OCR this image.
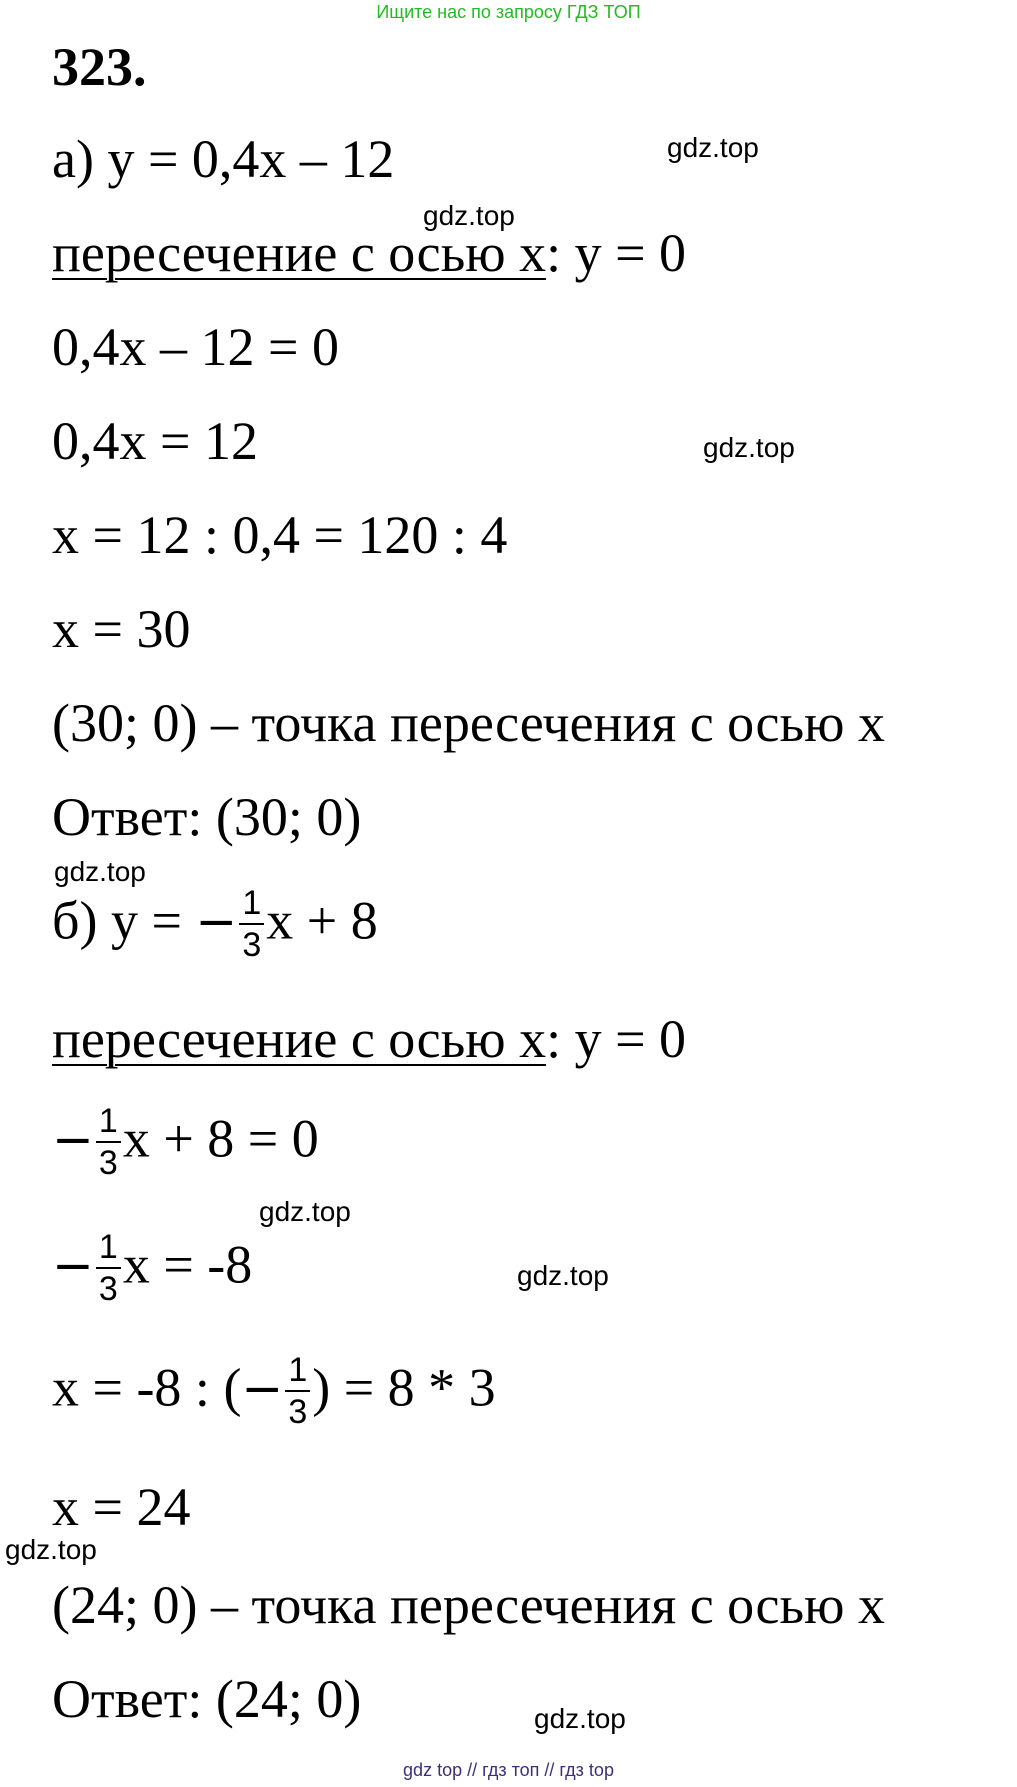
Ищите нас по запросу ГДЗ ТОП
323.
а) у = 0,4х – 12
пересечение с осью х: у = 0
0,4х – 12 = 0
0,4х = 12
х = 12 : 0,4 = 120 : 4
х = 30
(30; 0) – точка пересечения с осью х
Ответ: (30; 0)
б) у = − $\frac{1}{3}$ х + 8
пересечение с осью х: у = 0
− $\frac{1}{3}$ х + 8 = 0
− $\frac{1}{3}$ х = -8
х = -8 : (− $\frac{1}{3}$ ) = 8 * 3
х = 24
(24; 0) – точка пересечения с осью х
Ответ: (24; 0)
gdz.top
gdz.top
gdz.top
gdz.top
gdz.top
gdz.top
gdz.top
gdz.top
gdz top // гдз топ // гдз top
